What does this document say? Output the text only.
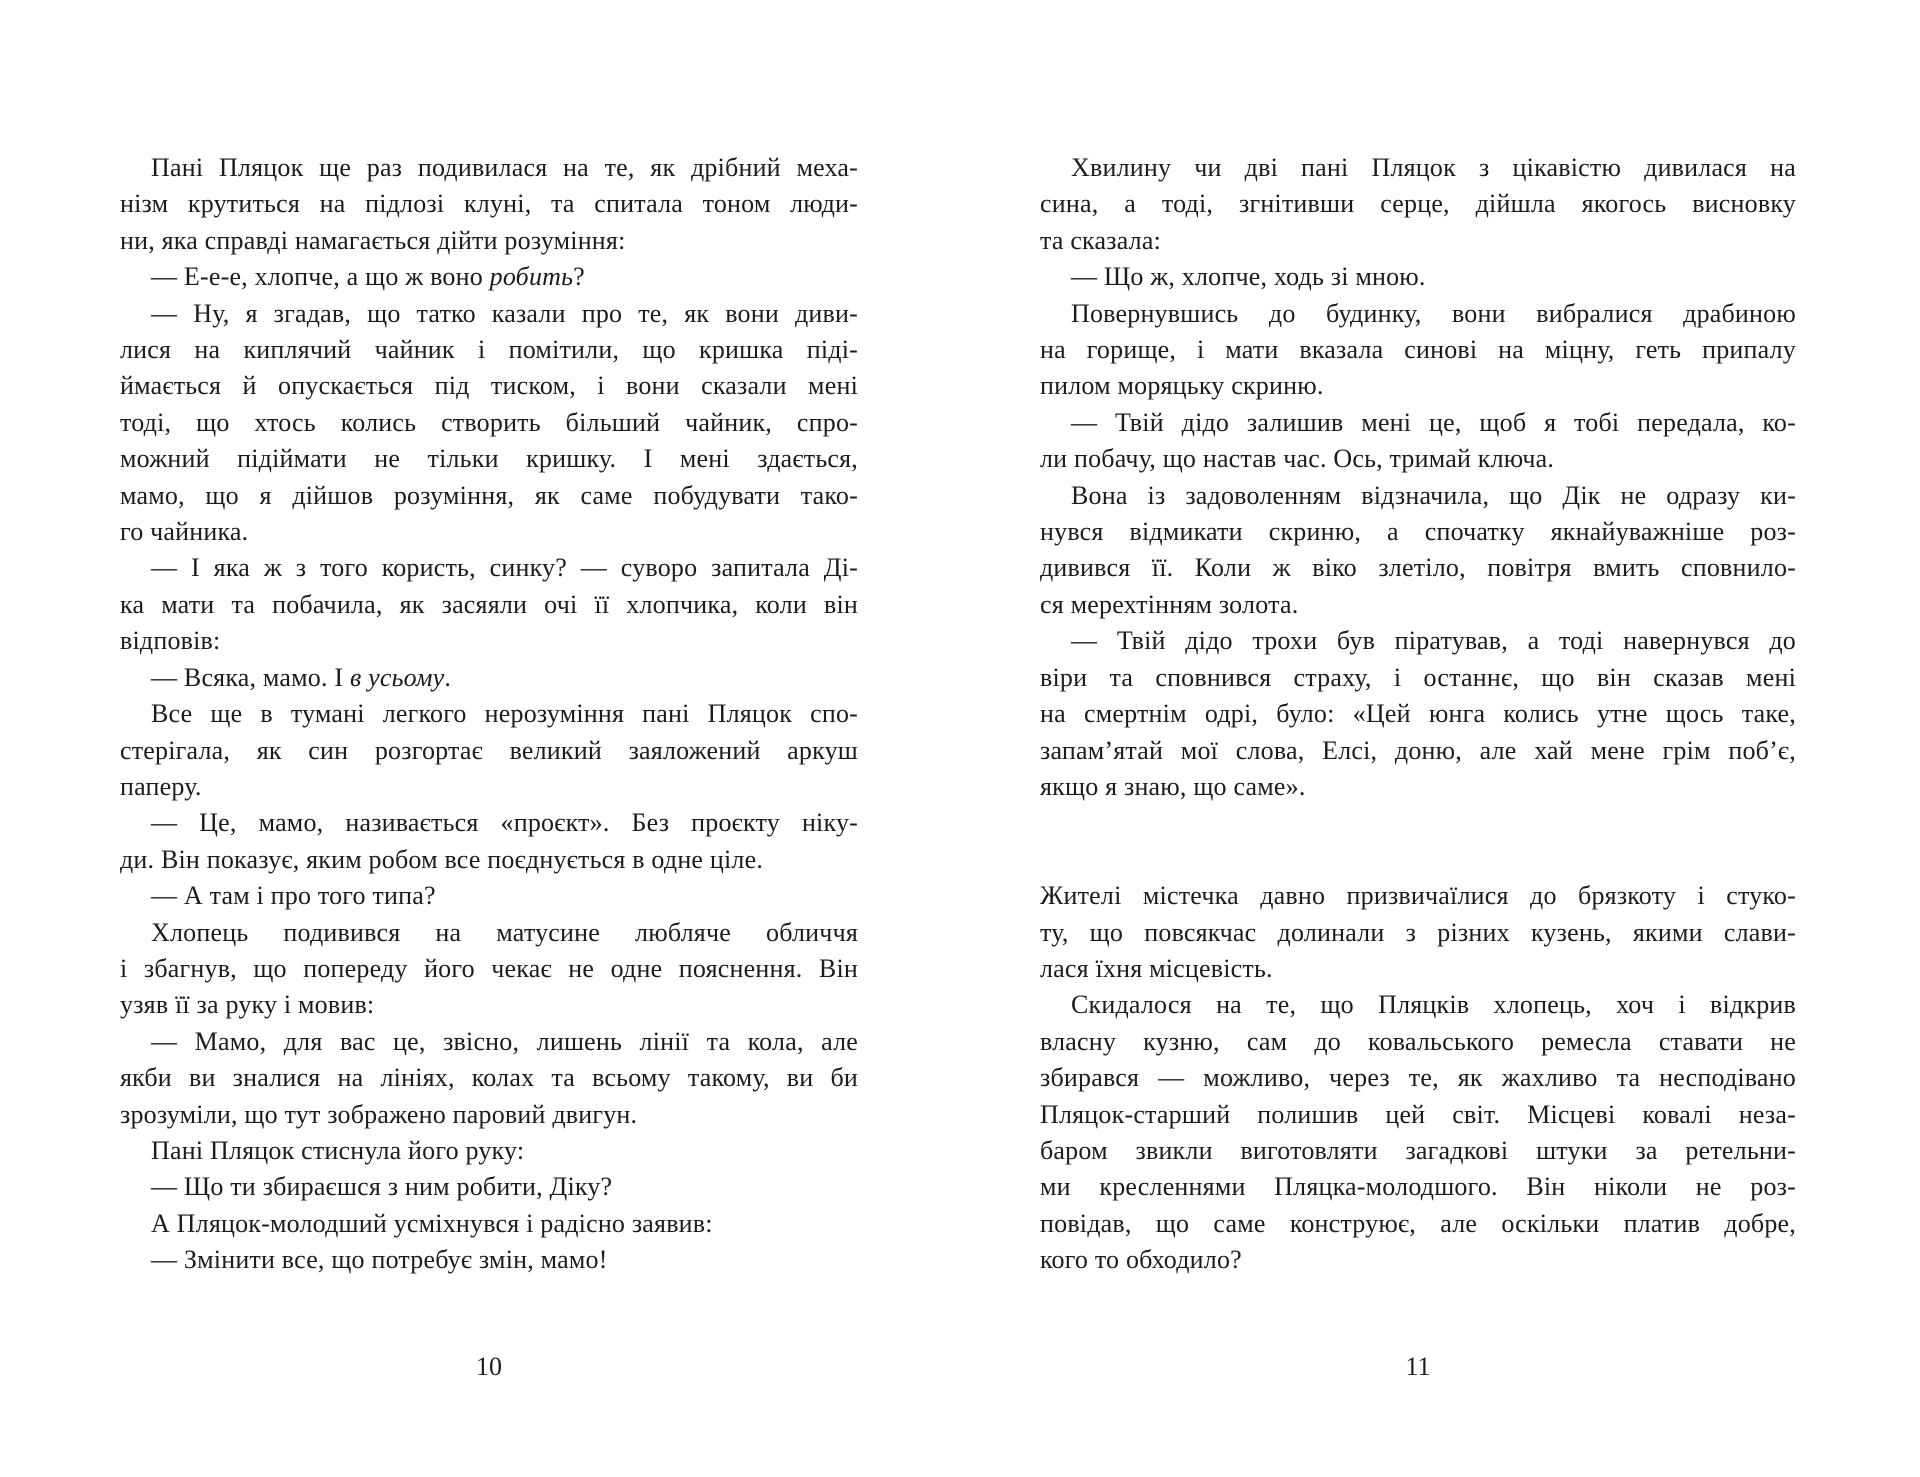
Пані Пляцок ще раз подивилася на те, як дрібний меха-
нізм крутиться на підлозі клуні, та спитала тоном люди-
ни, яка справді намагається дійти розуміння:
— Е-е-е, хлопче, а що ж воно робить?
— Ну, я згадав, що татко казали про те, як вони диви-
лися на киплячий чайник і помітили, що кришка піді-
ймається й опускається під тиском, і вони сказали мені
тоді, що хтось колись створить більший чайник, спро-
можний підіймати не тільки кришку. І мені здається,
мамо, що я дійшов розуміння, як саме побудувати тако-
го чайника.
— І яка ж з того користь, синку? — суворо запитала Ді-
ка мати та побачила, як засяяли очі її хлопчика, коли він
відповів:
— Всяка, мамо. І в усьому.
Все ще в тумані легкого нерозуміння пані Пляцок спо-
стерігала, як син розгортає великий заяложений аркуш
паперу.
— Це, мамо, називається «проєкт». Без проєкту ніку-
ди. Він показує, яким робом все поєднується в одне ціле.
— А там і про того типа?
Хлопець подивився на матусине любляче обличчя
і збагнув, що попереду його чекає не одне пояснення. Він
узяв її за руку і мовив:
— Мамо, для вас це, звісно, лишень лінії та кола, але
якби ви зналися на лініях, колах та всьому такому, ви би
зрозуміли, що тут зображено паровий двигун.
Пані Пляцок стиснула його руку:
— Що ти збираєшся з ним робити, Діку?
А Пляцок-молодший усміхнувся і радісно заявив:
— Змінити все, що потребує змін, мамо!
Хвилину чи дві пані Пляцок з цікавістю дивилася на
сина, а тоді, згнітивши серце, дійшла якогось висновку
та сказала:
— Що ж, хлопче, ходь зі мною.
Повернувшись до будинку, вони вибралися драбиною
на горище, і мати вказала синові на міцну, геть припалу
пилом моряцьку скриню.
— Твій дідо залишив мені це, щоб я тобі передала, ко-
ли побачу, що настав час. Ось, тримай ключа.
Вона із задоволенням відзначила, що Дік не одразу ки-
нувся відмикати скриню, а спочатку якнайуважніше роз-
дивився її. Коли ж віко злетіло, повітря вмить сповнило-
ся мерехтінням золота.
— Твій дідо трохи був піратував, а тоді навернувся до
віри та сповнився страху, і останнє, що він сказав мені
на смертнім одрі, було: «Цей юнга колись утне щось таке,
запам’ятай мої слова, Елсі, доню, але хай мене грім поб’є,
якщо я знаю, що саме».
Жителі містечка давно призвичаїлися до брязкоту і стуко-
ту, що повсякчас долинали з різних кузень, якими слави-
лася їхня місцевість.
Скидалося на те, що Пляцків хлопець, хоч і відкрив
власну кузню, сам до ковальського ремесла ставати не
збирався — можливо, через те, як жахливо та несподівано
Пляцок-старший полишив цей світ. Місцеві ковалі неза-
баром звикли виготовляти загадкові штуки за ретельни-
ми кресленнями Пляцка-молодшого. Він ніколи не роз-
повідав, що саме конструює, але оскільки платив добре,
кого то обходило?
10	11
